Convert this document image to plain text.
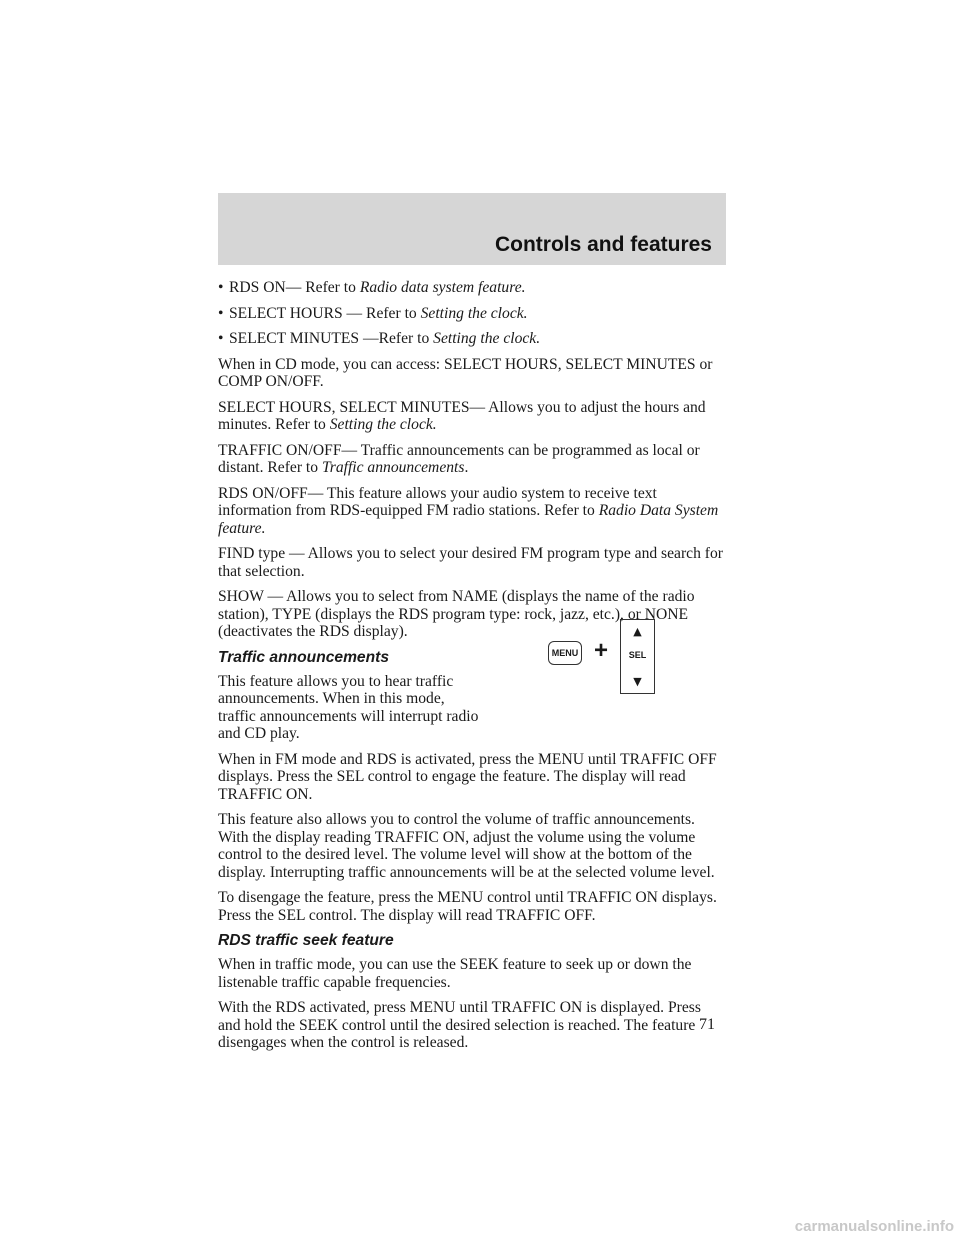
Controls and features
• RDS ON— Refer to Radio data system feature.
• SELECT HOURS — Refer to Setting the clock.
• SELECT MINUTES —Refer to Setting the clock.

When in CD mode, you can access: SELECT HOURS, SELECT MINUTES or COMP ON/OFF.

SELECT HOURS, SELECT MINUTES— Allows you to adjust the hours and minutes. Refer to Setting the clock.

TRAFFIC ON/OFF— Traffic announcements can be programmed as local or distant. Refer to Traffic announcements.

RDS ON/OFF— This feature allows your audio system to receive text information from RDS-equipped FM radio stations. Refer to Radio Data System feature.

FIND type — Allows you to select your desired FM program type and search for that selection.

SHOW — Allows you to select from NAME (displays the name of the radio station), TYPE (displays the RDS program type: rock, jazz, etc.), or NONE (deactivates the RDS display).

Traffic announcements

This feature allows you to hear traffic announcements. When in this mode, traffic announcements will interrupt radio and CD play.

When in FM mode and RDS is activated, press the MENU until TRAFFIC OFF displays. Press the SEL control to engage the feature. The display will read TRAFFIC ON.

This feature also allows you to control the volume of traffic announcements. With the display reading TRAFFIC ON, adjust the volume using the volume control to the desired level. The volume level will show at the bottom of the display. Interrupting traffic announcements will be at the selected volume level.

To disengage the feature, press the MENU control until TRAFFIC ON displays. Press the SEL control. The display will read TRAFFIC OFF.

RDS traffic seek feature

When in traffic mode, you can use the SEEK feature to seek up or down the listenable traffic capable frequencies.

With the RDS activated, press MENU until TRAFFIC ON is displayed. Press and hold the SEEK control until the desired selection is reached. The feature disengages when the control is released.

MENU +
▲
SEL
▼
71
carmanualsonline.info
